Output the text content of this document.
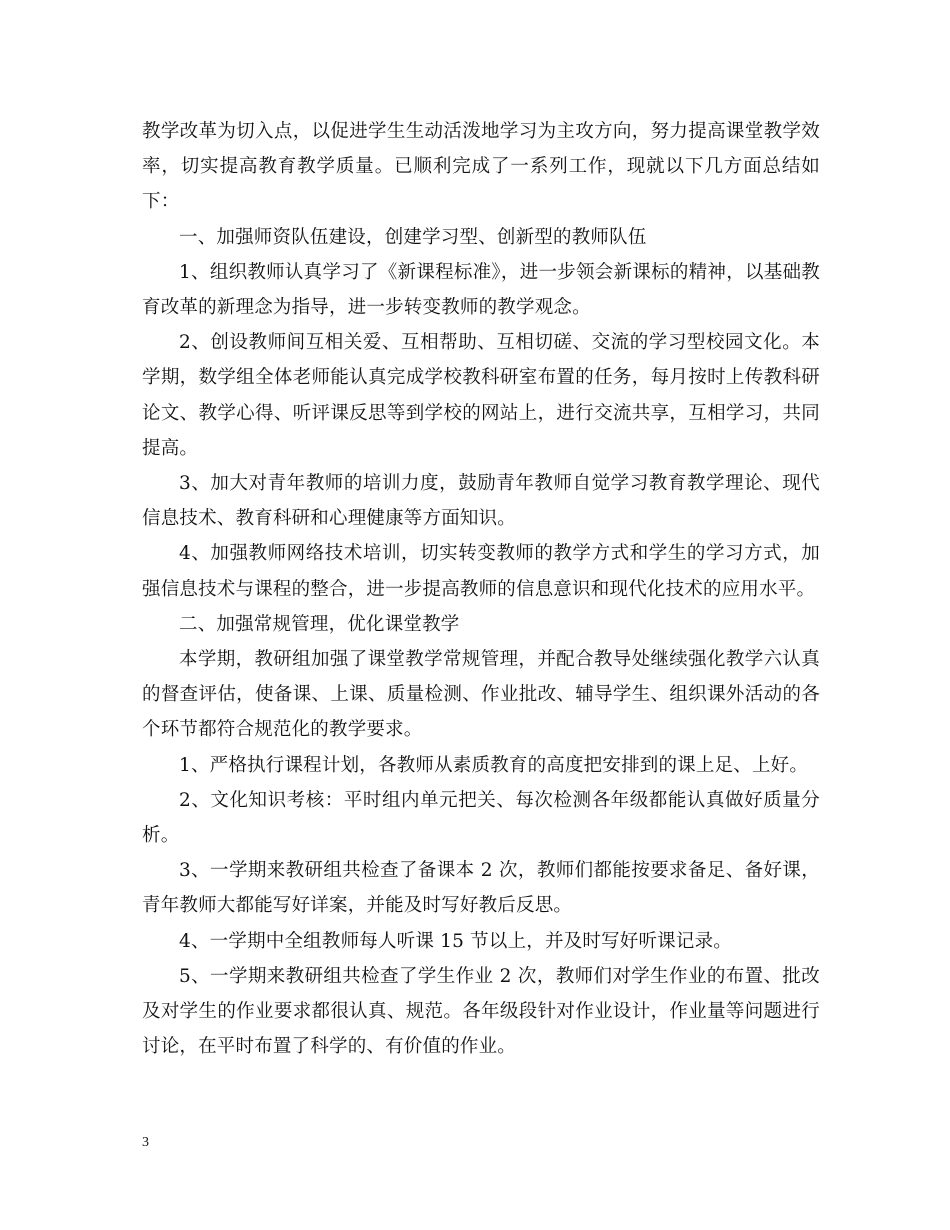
教学改革为切入点，以促进学生生动活泼地学习为主攻方向，努力提高课堂教学效率，切实提高教育教学质量。已顺利完成了一系列工作，现就以下几方面总结如下：

一、加强师资队伍建设，创建学习型、创新型的教师队伍

1、组织教师认真学习了《新课程标准》，进一步领会新课标的精神，以基础教育改革的新理念为指导，进一步转变教师的教学观念。

2、创设教师间互相关爱、互相帮助、互相切磋、交流的学习型校园文化。本学期，数学组全体老师能认真完成学校教科研室布置的任务，每月按时上传教科研论文、教学心得、听评课反思等到学校的网站上，进行交流共享，互相学习，共同提高。

3、加大对青年教师的培训力度，鼓励青年教师自觉学习教育教学理论、现代信息技术、教育科研和心理健康等方面知识。

4、加强教师网络技术培训，切实转变教师的教学方式和学生的学习方式，加强信息技术与课程的整合，进一步提高教师的信息意识和现代化技术的应用水平。

二、加强常规管理，优化课堂教学

本学期，教研组加强了课堂教学常规管理，并配合教导处继续强化教学六认真的督查评估，使备课、上课、质量检测、作业批改、辅导学生、组织课外活动的各个环节都符合规范化的教学要求。

1、严格执行课程计划，各教师从素质教育的高度把安排到的课上足、上好。

2、文化知识考核：平时组内单元把关、每次检测各年级都能认真做好质量分析。

3、一学期来教研组共检查了备课本 2 次，教师们都能按要求备足、备好课，青年教师大都能写好详案，并能及时写好教后反思。

4、一学期中全组教师每人听课 15 节以上，并及时写好听课记录。

5、一学期来教研组共检查了学生作业 2 次，教师们对学生作业的布置、批改及对学生的作业要求都很认真、规范。各年级段针对作业设计，作业量等问题进行讨论，在平时布置了科学的、有价值的作业。

3
